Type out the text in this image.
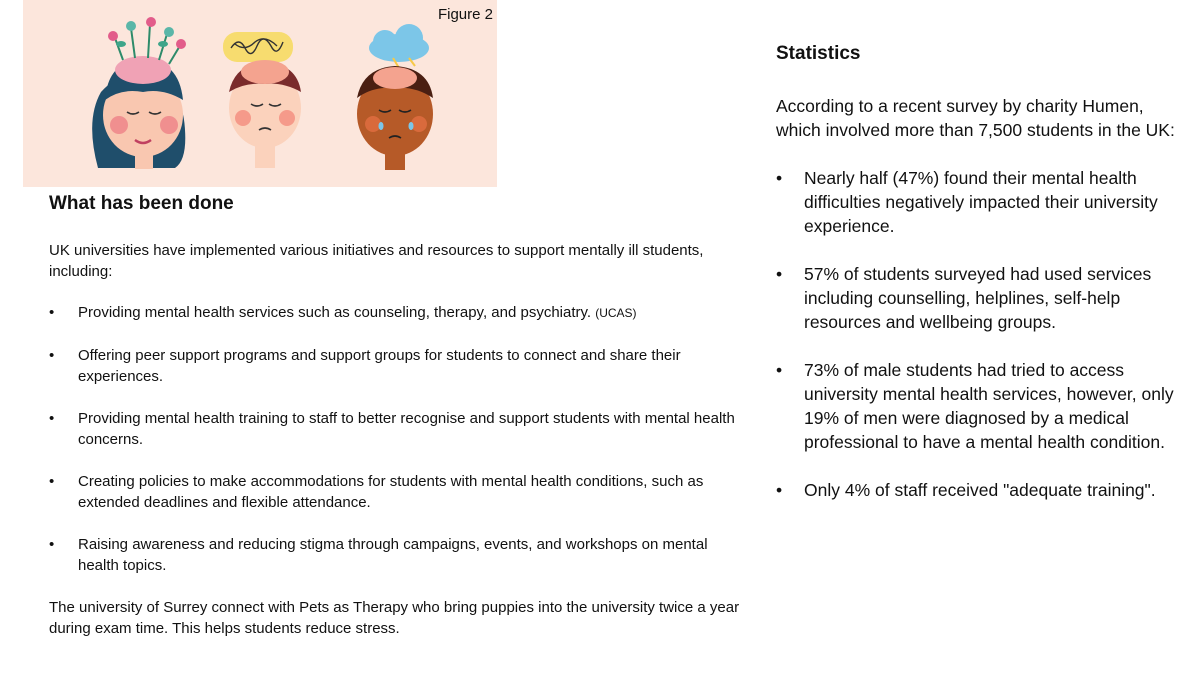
Figure 2
What has been done

UK universities have implemented various initiatives and resources to support mentally ill students, including:

• Providing mental health services such as counseling, therapy, and psychiatry. (UCAS)
• Offering peer support programs and support groups for students to connect and share their experiences.
• Providing mental health training to staff to better recognise and support students with mental health concerns.
• Creating policies to make accommodations for students with mental health conditions, such as extended deadlines and flexible attendance.
• Raising awareness and reducing stigma through campaigns, events, and workshops on mental health topics.

The university of Surrey connect with Pets as Therapy who bring puppies into the university twice a year during exam time. This helps students reduce stress.

Statistics

According to a recent survey by charity Humen, which involved more than 7,500 students in the UK:

• Nearly half (47%) found their mental health difficulties negatively impacted their university experience.
• 57% of students surveyed had used services including counselling, helplines, self-help resources and wellbeing groups.
• 73% of male students had tried to access university mental health services, however, only 19% of men were diagnosed by a medical professional to have a mental health condition.
• Only 4% of staff received "adequate training".
